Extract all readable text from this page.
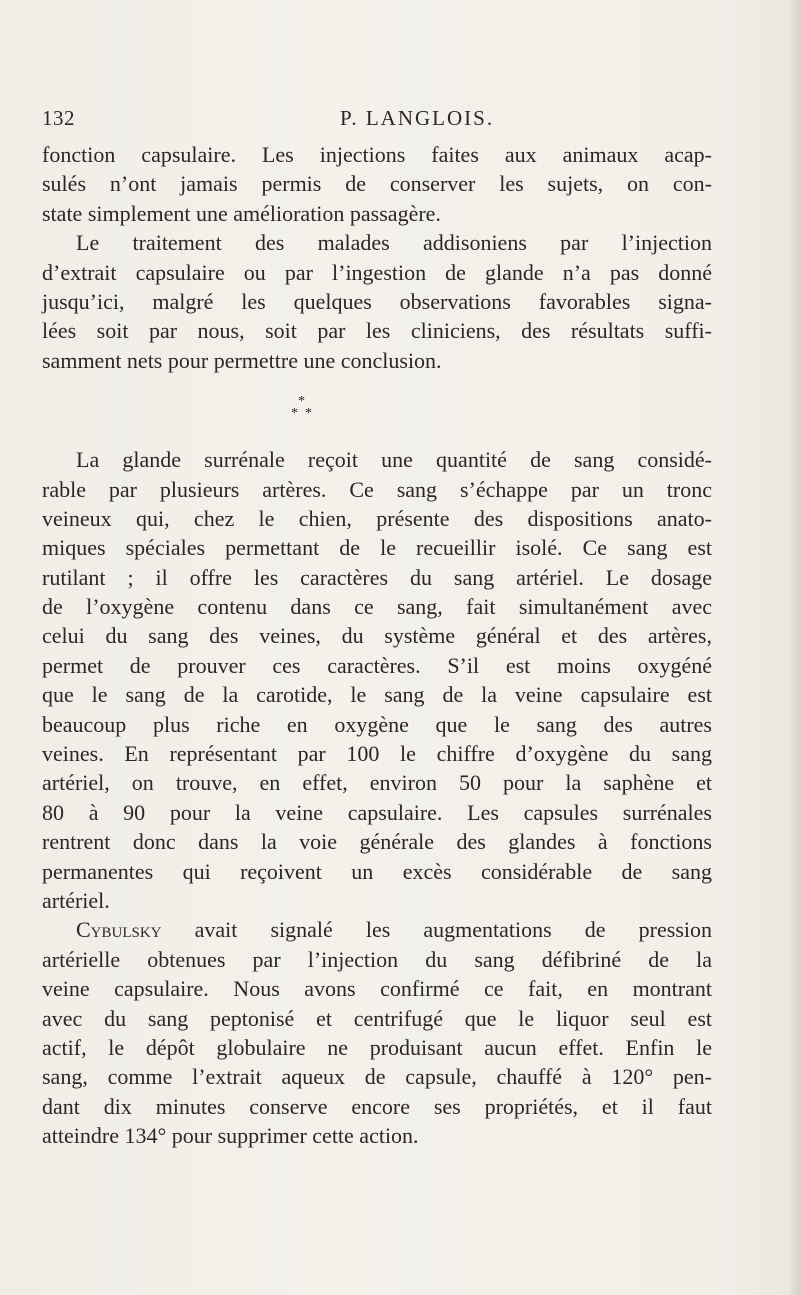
132	P. LANGLOIS.
fonction capsulaire. Les injections faites aux animaux acap-
sulés n’ont jamais permis de conserver les sujets, on con-
state simplement une amélioration passagère.
Le traitement des malades addisoniens par l’injection
d’extrait capsulaire ou par l’ingestion de glande n’a pas donné
jusqu’ici, malgré les quelques observations favorables signa-
lées soit par nous, soit par les cliniciens, des résultats suffi-
samment nets pour permettre une conclusion.
*
* *
La glande surrénale reçoit une quantité de sang considé-
rable par plusieurs artères. Ce sang s’échappe par un tronc
veineux qui, chez le chien, présente des dispositions anato-
miques spéciales permettant de le recueillir isolé. Ce sang est
rutilant ; il offre les caractères du sang artériel. Le dosage
de l’oxygène contenu dans ce sang, fait simultanément avec
celui du sang des veines, du système général et des artères,
permet de prouver ces caractères. S’il est moins oxygéné
que le sang de la carotide, le sang de la veine capsulaire est
beaucoup plus riche en oxygène que le sang des autres
veines. En représentant par 100 le chiffre d’oxygène du sang
artériel, on trouve, en effet, environ 50 pour la saphène et
80 à 90 pour la veine capsulaire. Les capsules surrénales
rentrent donc dans la voie générale des glandes à fonctions
permanentes qui reçoivent un excès considérable de sang
artériel.
Cybulsky avait signalé les augmentations de pression
artérielle obtenues par l’injection du sang défibriné de la
veine capsulaire. Nous avons confirmé ce fait, en montrant
avec du sang peptonisé et centrifugé que le liquor seul est
actif, le dépôt globulaire ne produisant aucun effet. Enfin le
sang, comme l’extrait aqueux de capsule, chauffé à 120° pen-
dant dix minutes conserve encore ses propriétés, et il faut
atteindre 134° pour supprimer cette action.
